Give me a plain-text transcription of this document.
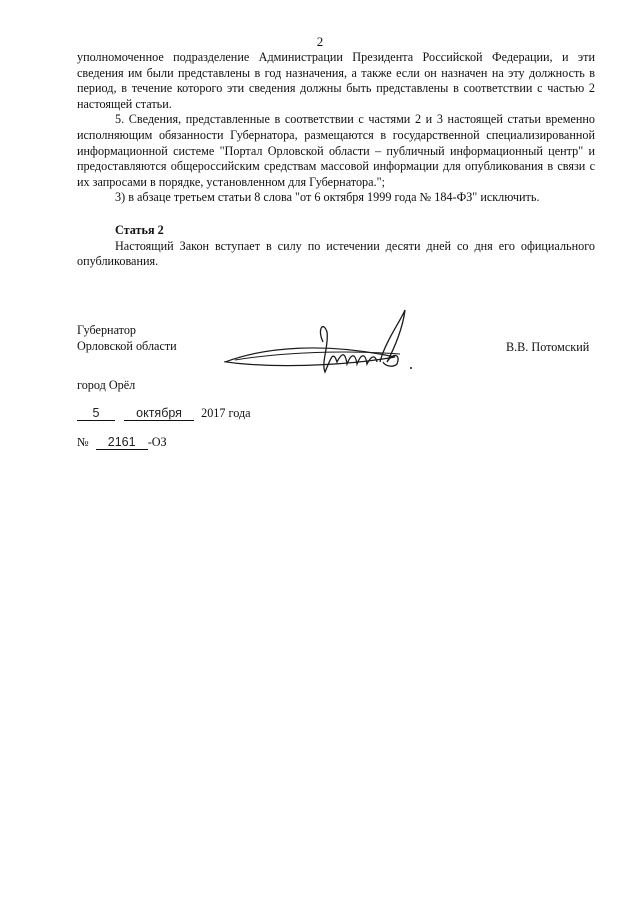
2

уполномоченное подразделение Администрации Президента Российской Федерации, и эти сведения им были представлены в год назначения, а также если он назначен на эту должность в период, в течение которого эти сведения должны быть представлены в соответствии с частью 2 настоящей статьи.

5. Сведения, представленные в соответствии с частями 2 и 3 настоящей статьи временно исполняющим обязанности Губернатора, размещаются в государственной специализированной информационной системе "Портал Орловской области – публичный информационный центр" и предоставляются общероссийским средствам массовой информации для опубликования в связи с их запросами в порядке, установленном для Губернатора.";

3) в абзаце третьем статьи 8 слова "от 6 октября 1999 года № 184-ФЗ" исключить.

Статья 2

Настоящий Закон вступает в силу по истечении десяти дней со дня его официального опубликования.

Губернатор
Орловской области	В.В. Потомский
город Орёл
5	октября 2017 года
№ 2161 -ОЗ
